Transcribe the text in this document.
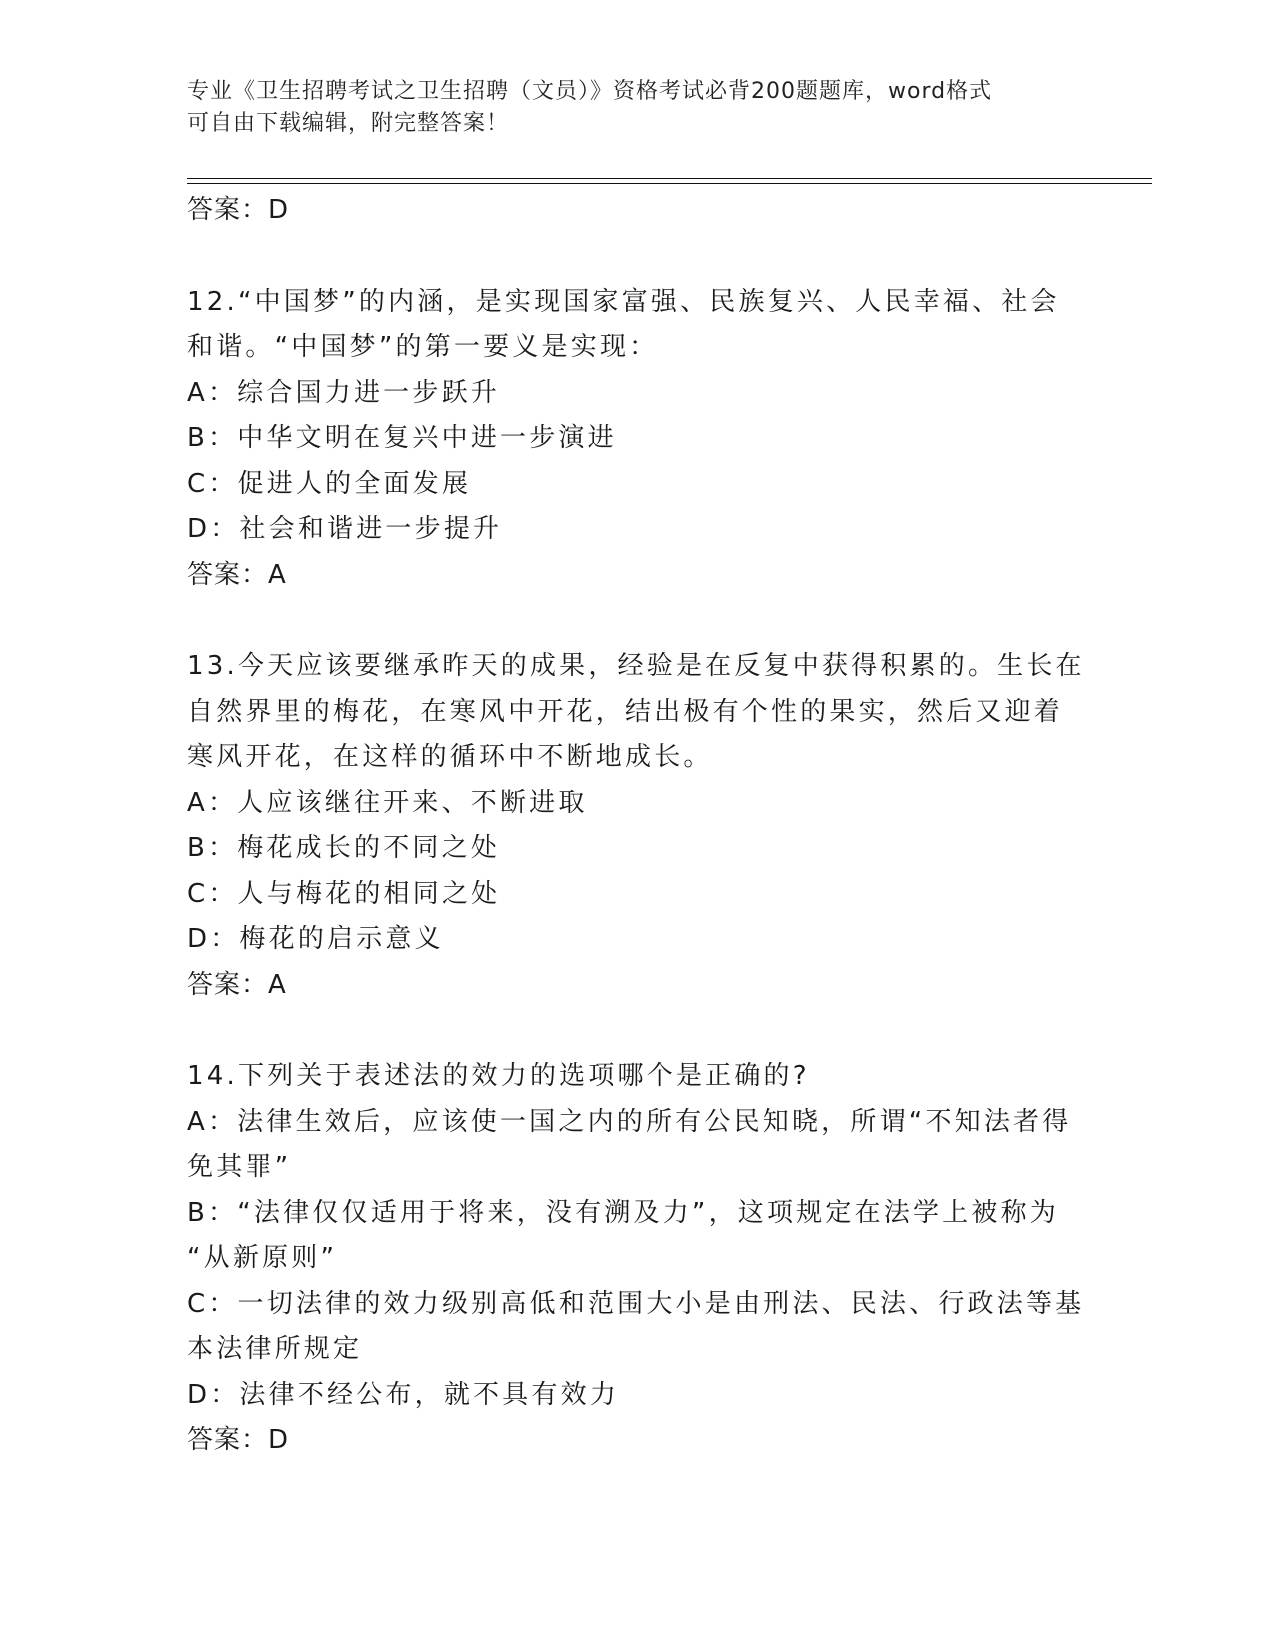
专业《卫生招聘考试之卫生招聘（文员）》资格考试必背200题题库，word格式
可自由下载编辑，附完整答案！

答案：D

12.“中国梦”的内涵，是实现国家富强、民族复兴、人民幸福、社会

和谐。“中国梦”的第一要义是实现：

A：综合国力进一步跃升

B：中华文明在复兴中进一步演进

C：促进人的全面发展

D：社会和谐进一步提升

答案：A

13.今天应该要继承昨天的成果，经验是在反复中获得积累的。生长在

自然界里的梅花，在寒风中开花，结出极有个性的果实，然后又迎着

寒风开花，在这样的循环中不断地成长。

A：人应该继往开来、不断进取

B：梅花成长的不同之处

C：人与梅花的相同之处

D：梅花的启示意义

答案：A

14.下列关于表述法的效力的选项哪个是正确的?

A：法律生效后，应该使一国之内的所有公民知晓，所谓“不知法者得

免其罪”

B：“法律仅仅适用于将来，没有溯及力”，这项规定在法学上被称为

“从新原则”

C：一切法律的效力级别高低和范围大小是由刑法、民法、行政法等基

本法律所规定

D：法律不经公布，就不具有效力

答案：D
